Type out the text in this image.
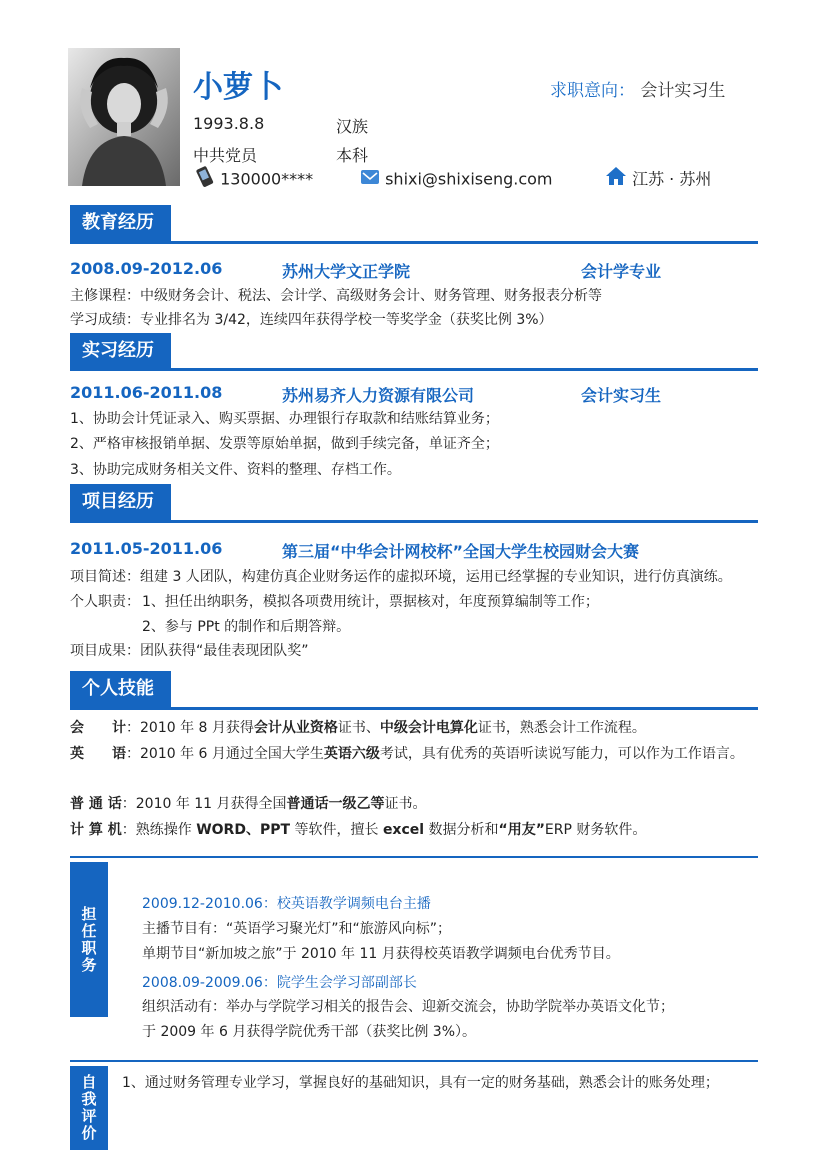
小萝卜	求职意向： 会计实习生
1993.8.8	汉族
中共党员	本科
130000****	shixi@shixiseng.com	江苏 · 苏州
教育经历
2008.09-2012.06	苏州大学文正学院	会计学专业
主修课程：中级财务会计、税法、会计学、高级财务会计、财务管理、财务报表分析等
学习成绩：专业排名为 3/42，连续四年获得学校一等奖学金（获奖比例 3%）
实习经历
2011.06-2011.08	苏州易齐人力资源有限公司	会计实习生
1、协助会计凭证录入、购买票据、办理银行存取款和结账结算业务；
2、严格审核报销单据、发票等原始单据，做到手续完备，单证齐全；
3、协助完成财务相关文件、资料的整理、存档工作。
项目经历
2011.05-2011.06	第三届“中华会计网校杯”全国大学生校园财会大赛
项目简述：组建 3 人团队，构建仿真企业财务运作的虚拟环境，运用已经掌握的专业知识，进行仿真演练。
个人职责： 1、担任出纳职务，模拟各项费用统计，票据核对，年度预算编制等工作；
2、参与 PPt 的制作和后期答辩。
项目成果：团队获得“最佳表现团队奖”
个人技能
会　　计：2010 年 8 月获得会计从业资格证书、中级会计电算化证书，熟悉会计工作流程。
英　　语：2010 年 6 月通过全国大学生英语六级考试，具有优秀的英语听读说写能力，可以作为工作语言。
普 通 话：2010 年 11 月获得全国普通话一级乙等证书。
计 算 机：熟练操作 WORD、PPT 等软件，擅长 excel 数据分析和“用友”ERP 财务软件。
担任职务
2009.12-2010.06：校英语教学调频电台主播
主播节目有：“英语学习聚光灯”和“旅游风向标”；
单期节目“新加坡之旅”于 2010 年 11 月获得校英语教学调频电台优秀节目。
2008.09-2009.06：院学生会学习部副部长
组织活动有：举办与学院学习相关的报告会、迎新交流会，协助学院举办英语文化节；
于 2009 年 6 月获得学院优秀干部（获奖比例 3%）。
自我评价	1、通过财务管理专业学习，掌握良好的基础知识，具有一定的财务基础，熟悉会计的账务处理；
